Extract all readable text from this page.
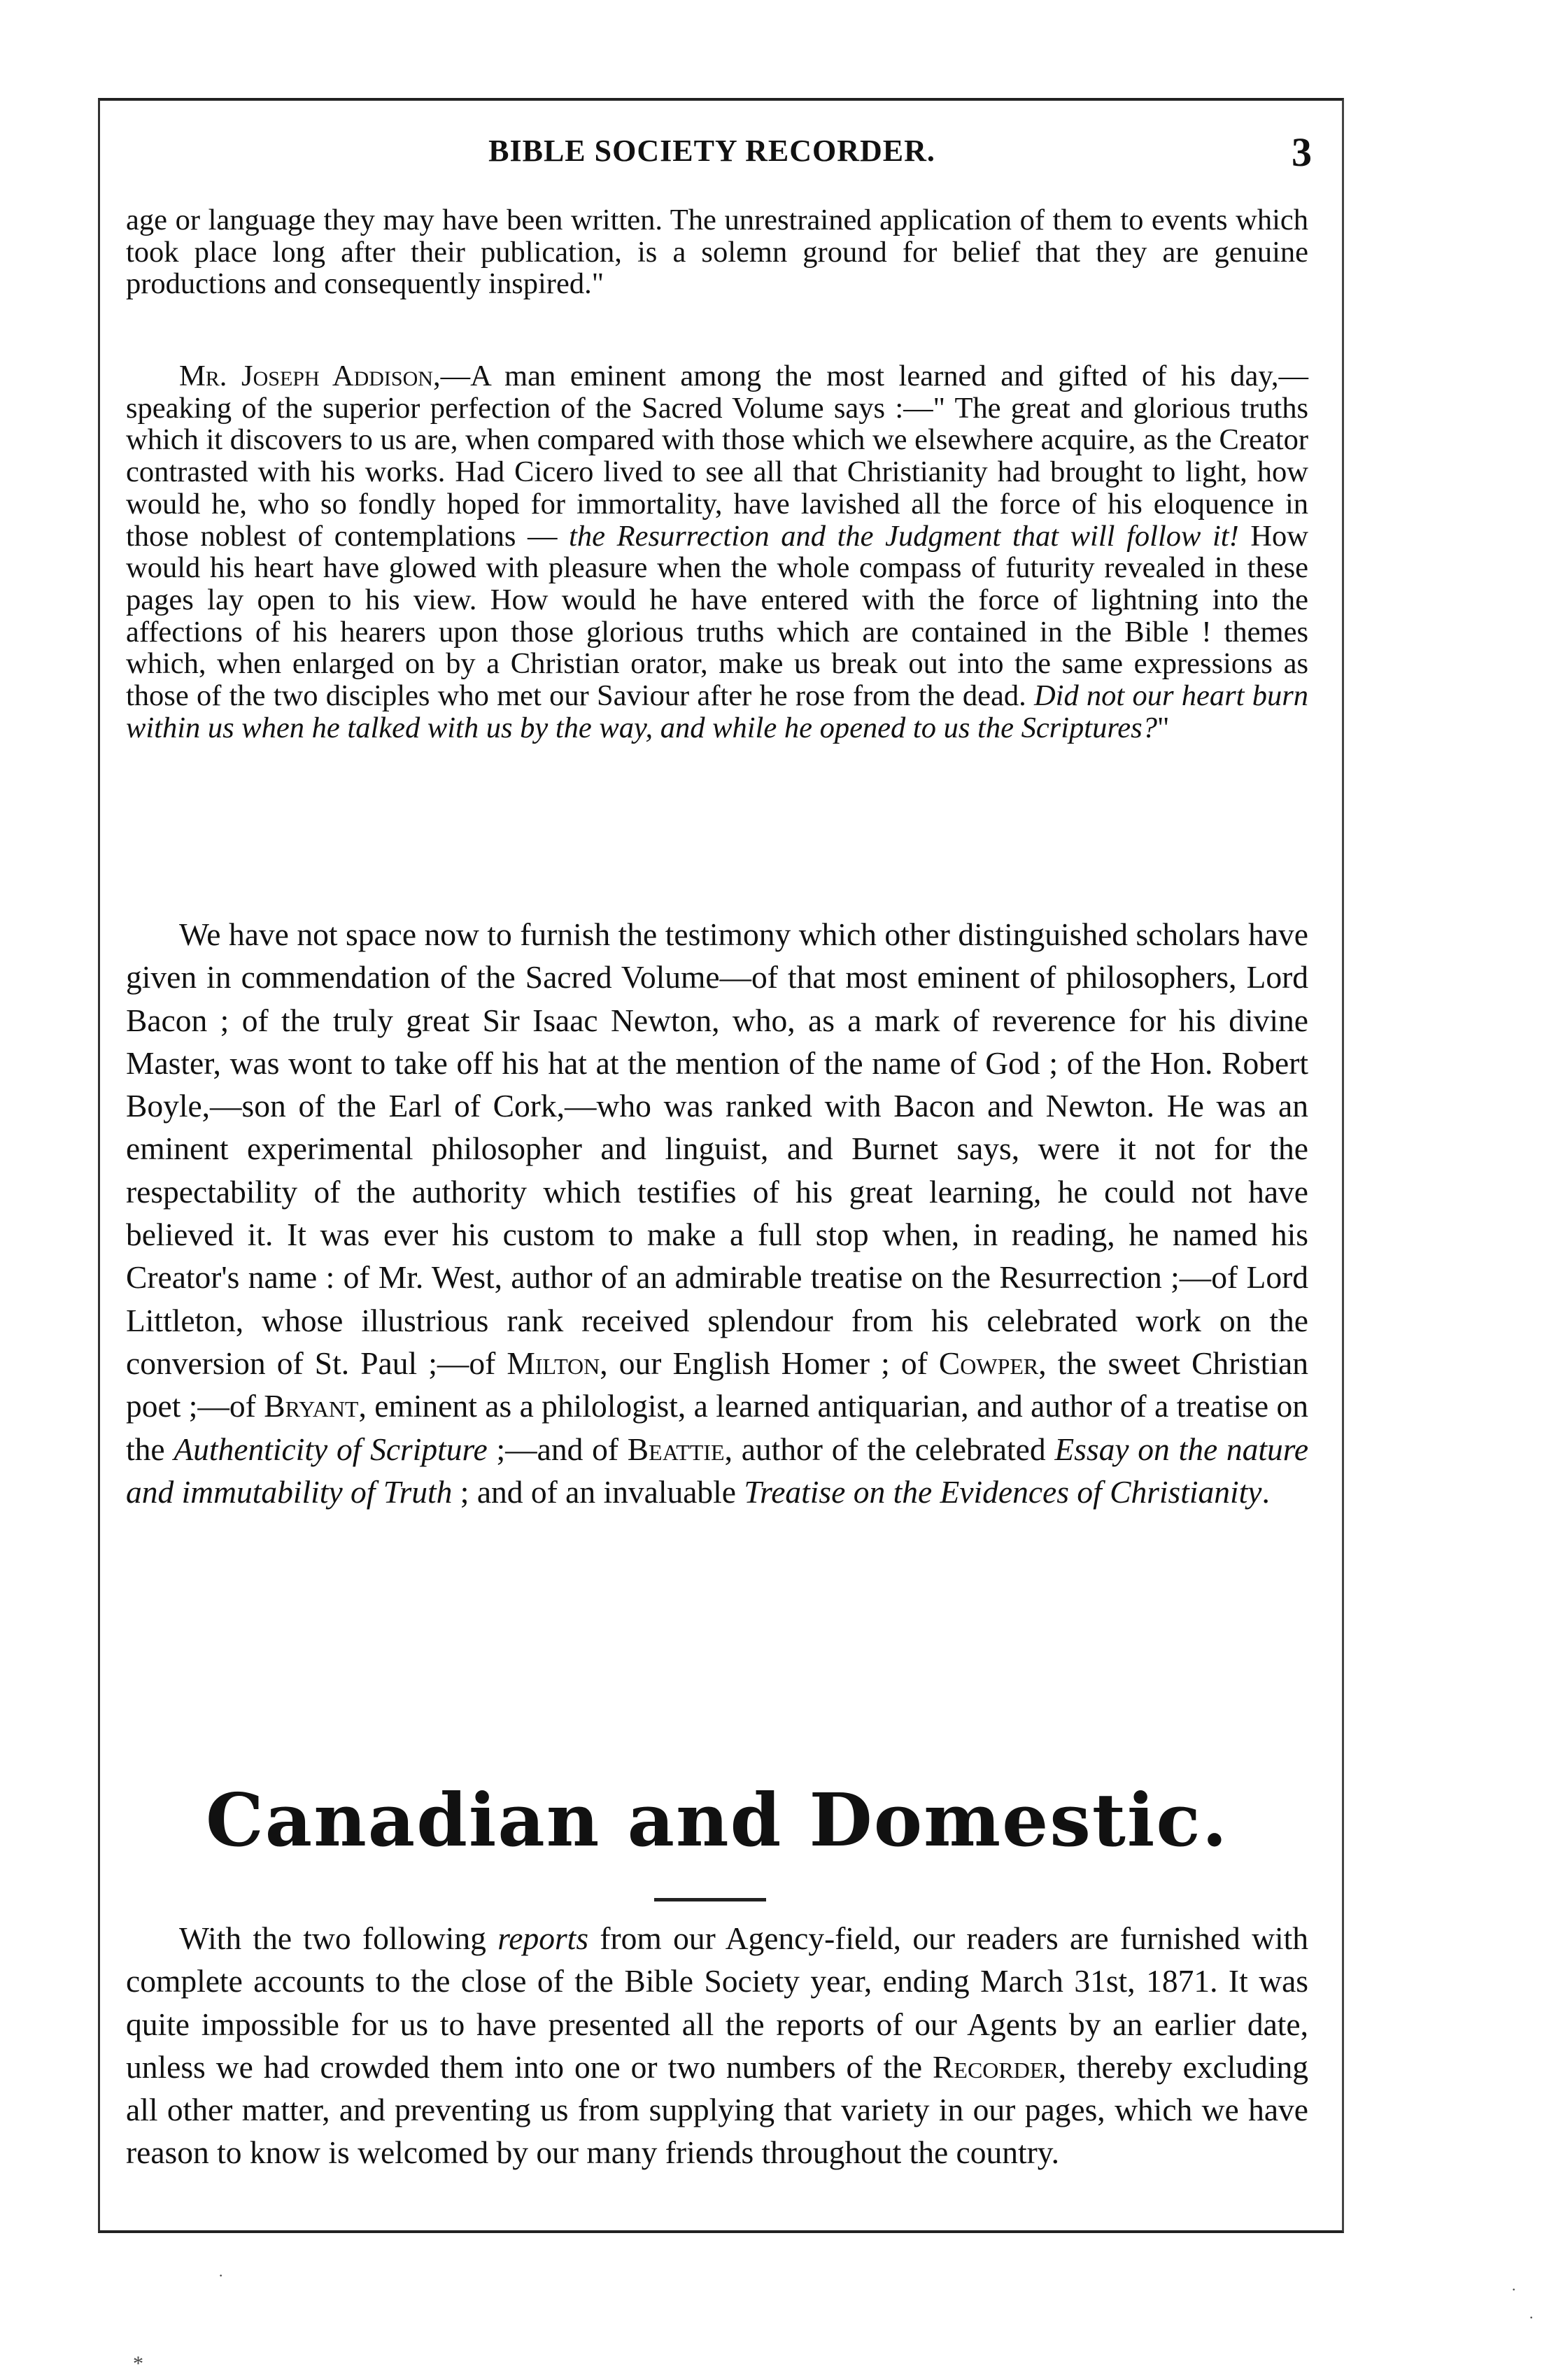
BIBLE SOCIETY RECORDER.	3

age or language they may have been written. The unrestrained application of them to events which took place long after their publication, is a solemn ground for belief that they are genuine productions and consequently inspired."

Mr. Joseph Addison,—A man eminent among the most learned and gifted of his day,—speaking of the superior perfection of the Sacred Volume says :—" The great and glorious truths which it discovers to us are, when compared with those which we elsewhere acquire, as the Creator contrasted with his works. Had Cicero lived to see all that Christianity had brought to light, how would he, who so fondly hoped for immortality, have lavished all the force of his eloquence in those noblest of contemplations — the Resurrection and the Judgment that will follow it! How would his heart have glowed with pleasure when the whole compass of futurity revealed in these pages lay open to his view. How would he have entered with the force of lightning into the affections of his hearers upon those glorious truths which are contained in the Bible ! themes which, when enlarged on by a Christian orator, make us break out into the same expressions as those of the two disciples who met our Saviour after he rose from the dead. Did not our heart burn within us when he talked with us by the way, and while he opened to us the Scriptures?"

We have not space now to furnish the testimony which other distinguished scholars have given in commendation of the Sacred Volume—of that most eminent of philosophers, Lord Bacon ; of the truly great Sir Isaac Newton, who, as a mark of reverence for his divine Master, was wont to take off his hat at the mention of the name of God ; of the Hon. Robert Boyle,—son of the Earl of Cork,—who was ranked with Bacon and Newton. He was an eminent experimental philosopher and linguist, and Burnet says, were it not for the respectability of the authority which testifies of his great learning, he could not have believed it. It was ever his custom to make a full stop when, in reading, he named his Creator's name : of Mr. West, author of an admirable treatise on the Resurrection ;—of Lord Littleton, whose illustrious rank received splendour from his celebrated work on the conversion of St. Paul ;—of Milton, our English Homer ; of Cowper, the sweet Christian poet ;—of Bryant, eminent as a philologist, a learned antiquarian, and author of a treatise on the Authenticity of Scripture ;—and of Beattie, author of the celebrated Essay on the nature and immutability of Truth ; and of an invaluable Treatise on the Evidences of Christianity.

Canadian and Domestic.

With the two following reports from our Agency-field, our readers are furnished with complete accounts to the close of the Bible Society year, ending March 31st, 1871. It was quite impossible for us to have presented all the reports of our Agents by an earlier date, unless we had crowded them into one or two numbers of the Recorder, thereby excluding all other matter, and preventing us from supplying that variety in our pages, which we have reason to know is welcomed by our many friends throughout the country.

·
·
·
*
